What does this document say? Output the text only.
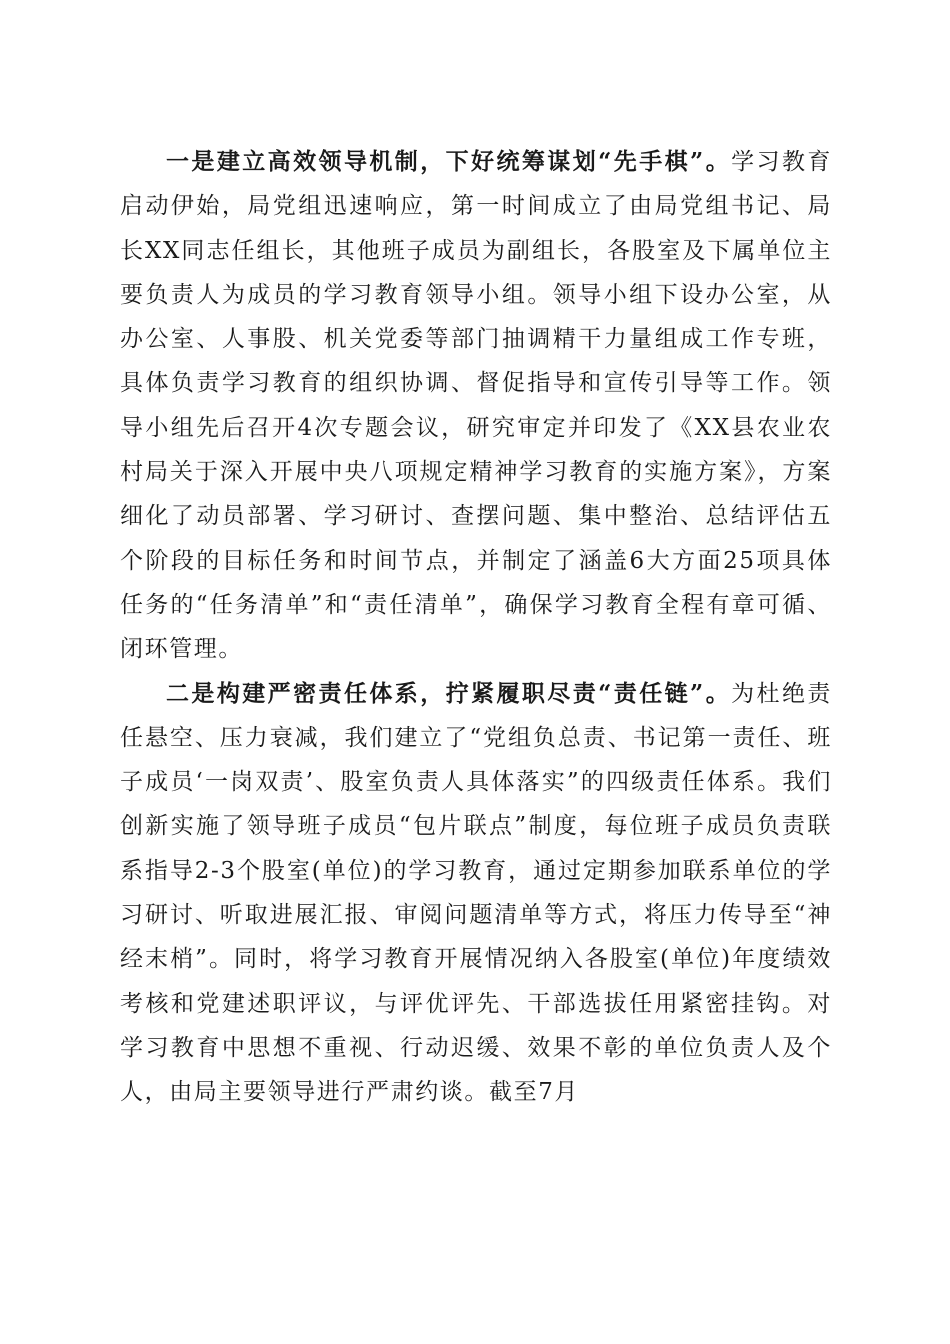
一是建立高效领导机制，下好统筹谋划“先手棋”。学习教育启动伊始，局党组迅速响应，第一时间成立了由局党组书记、局长XX同志任组长，其他班子成员为副组长，各股室及下属单位主要负责人为成员的学习教育领导小组。领导小组下设办公室，从办公室、人事股、机关党委等部门抽调精干力量组成工作专班，具体负责学习教育的组织协调、督促指导和宣传引导等工作。领导小组先后召开4次专题会议，研究审定并印发了《XX县农业农村局关于深入开展中央八项规定精神学习教育的实施方案》，方案细化了动员部署、学习研讨、查摆问题、集中整治、总结评估五个阶段的目标任务和时间节点，并制定了涵盖6大方面25项具体任务的“任务清单”和“责任清单”，确保学习教育全程有章可循、闭环管理。

二是构建严密责任体系，拧紧履职尽责“责任链”。为杜绝责任悬空、压力衰减，我们建立了“党组负总责、书记第一责任、班子成员‘一岗双责’、股室负责人具体落实”的四级责任体系。我们创新实施了领导班子成员“包片联点”制度，每位班子成员负责联系指导2-3个股室(单位)的学习教育，通过定期参加联系单位的学习研讨、听取进展汇报、审阅问题清单等方式，将压力传导至“神经末梢”。同时，将学习教育开展情况纳入各股室(单位)年度绩效考核和党建述职评议，与评优评先、干部选拔任用紧密挂钩。对学习教育中思想不重视、行动迟缓、效果不彰的单位负责人及个人，由局主要领导进行严肃约谈。截至7月
